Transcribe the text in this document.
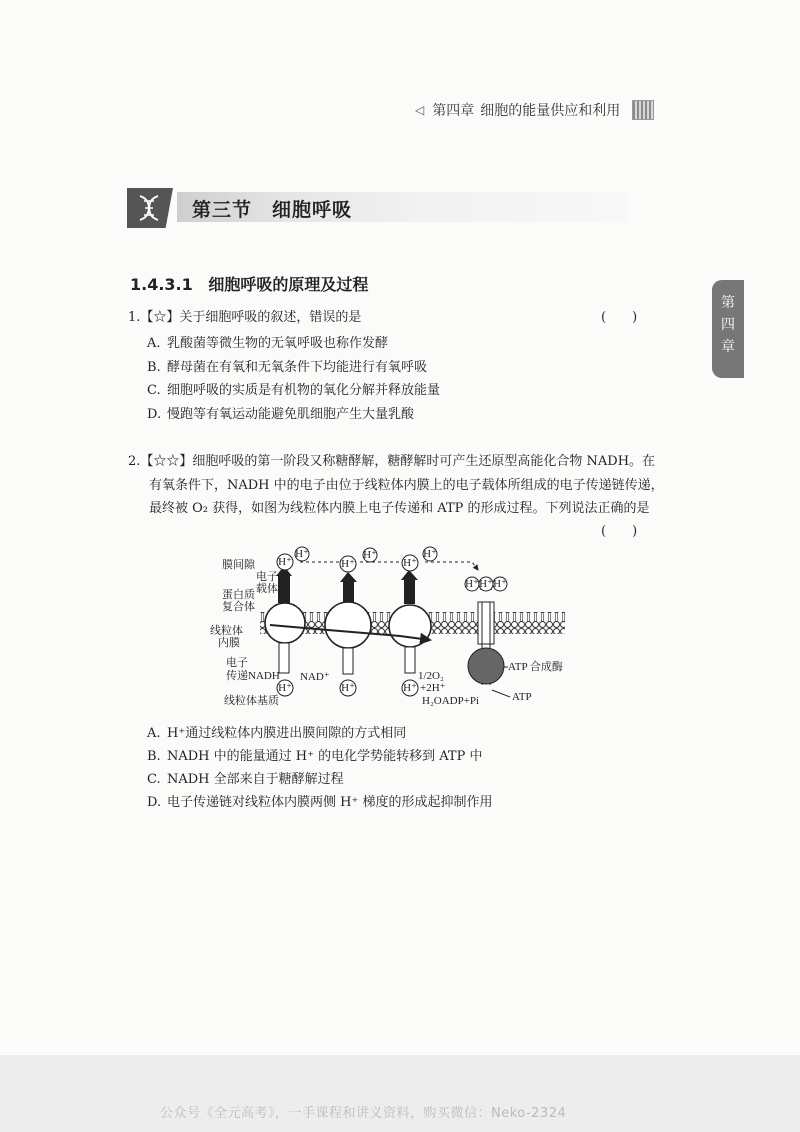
◁ 第四章 细胞的能量供应和利用
第三节　细胞呼吸
第四章
1.4.3.1 细胞呼吸的原理及过程
1.【☆】关于细胞呼吸的叙述，错误的是	(　　)
A. 乳酸菌等微生物的无氧呼吸也称作发酵
B. 酵母菌在有氧和无氧条件下均能进行有氧呼吸
C. 细胞呼吸的实质是有机物的氧化分解并释放能量
D. 慢跑等有氧运动能避免肌细胞产生大量乳酸
2.【☆☆】细胞呼吸的第一阶段又称糖酵解，糖酵解时可产生还原型高能化合物 NADH。在
有氧条件下，NADH 中的电子由位于线粒体内膜上的电子载体所组成的电子传递链传递，
最终被 O₂ 获得，如图为线粒体内膜上电子传递和 ATP 的形成过程。下列说法正确的是
(　　)
H⁺
H⁺
H⁺
H⁺
H⁺
H⁺
H⁺ H⁺ H⁺
H⁺	H⁺	H⁺
膜间隙
电子
载体
蛋白质
复合体
线粒体
内膜
电子
传递NADH NAD⁺
线粒体基质
1/2O₂
+2H⁺
H₂OADP+Pi
ATP 合成酶
ATP
A. H⁺通过线粒体内膜进出膜间隙的方式相同
B. NADH 中的能量通过 H⁺ 的电化学势能转移到 ATP 中
C. NADH 全部来自于糖酵解过程
D. 电子传递链对线粒体内膜两侧 H⁺ 梯度的形成起抑制作用
公众号《全元高考》，一手课程和讲义资料，购买微信：Neko-2324
